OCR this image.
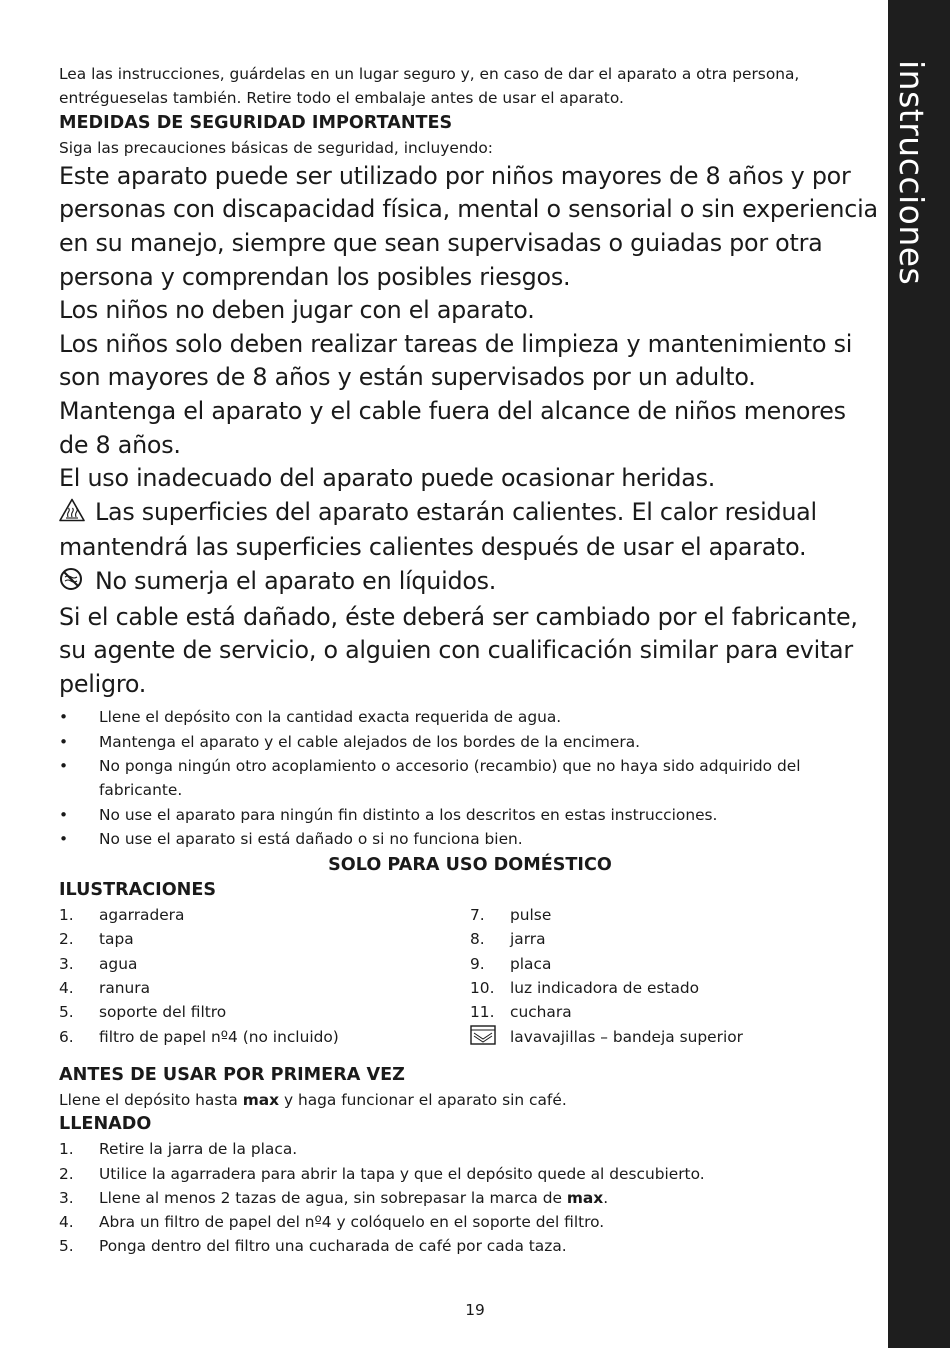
instrucciones

Lea las instrucciones, guárdelas en un lugar seguro y, en caso de dar el aparato a otra persona, entrégueselas también. Retire todo el embalaje antes de usar el aparato.

MEDIDAS DE SEGURIDAD IMPORTANTES

Siga las precauciones básicas de seguridad, incluyendo:

Este aparato puede ser utilizado por niños mayores de 8 años y por personas con discapacidad física, mental o sensorial o sin experiencia en su manejo, siempre que sean supervisadas o guiadas por otra persona y comprendan los posibles riesgos.

Los niños no deben jugar con el aparato.

Los niños solo deben realizar tareas de limpieza y mantenimiento si son mayores de 8 años y están supervisados por un adulto.

Mantenga el aparato y el cable fuera del alcance de niños menores de 8 años.

El uso inadecuado del aparato puede ocasionar heridas.

Las superficies del aparato estarán calientes. El calor residual mantendrá las superficies calientes después de usar el aparato.

No sumerja el aparato en líquidos.

Si el cable está dañado, éste deberá ser cambiado por el fabricante, su agente de servicio, o alguien con cualificación similar para evitar peligro.

• Llene el depósito con la cantidad exacta requerida de agua.
• Mantenga el aparato y el cable alejados de los bordes de la encimera.
• No ponga ningún otro acoplamiento o accesorio (recambio) que no haya sido adquirido del fabricante.
• No use el aparato para ningún fin distinto a los descritos en estas instrucciones.
• No use el aparato si está dañado o si no funciona bien.
SOLO PARA USO DOMÉSTICO
ILUSTRACIONES
1.	agarradera
2.	tapa
3.	agua
4.	ranura
5.	soporte del filtro
6.	filtro de papel nº4 (no incluido)
7.	pulse
8.	jarra
9.	placa
10.	luz indicadora de estado
11.	cuchara
lavavajillas – bandeja superior
ANTES DE USAR POR PRIMERA VEZ

Llene el depósito hasta max y haga funcionar el aparato sin café.

LLENADO
1.	Retire la jarra de la placa.
2.	Utilice la agarradera para abrir la tapa y que el depósito quede al descubierto.
3.	Llene al menos 2 tazas de agua, sin sobrepasar la marca de max.
4.	Abra un filtro de papel del nº4 y colóquelo en el soporte del filtro.
5.	Ponga dentro del filtro una cucharada de café por cada taza.
19
